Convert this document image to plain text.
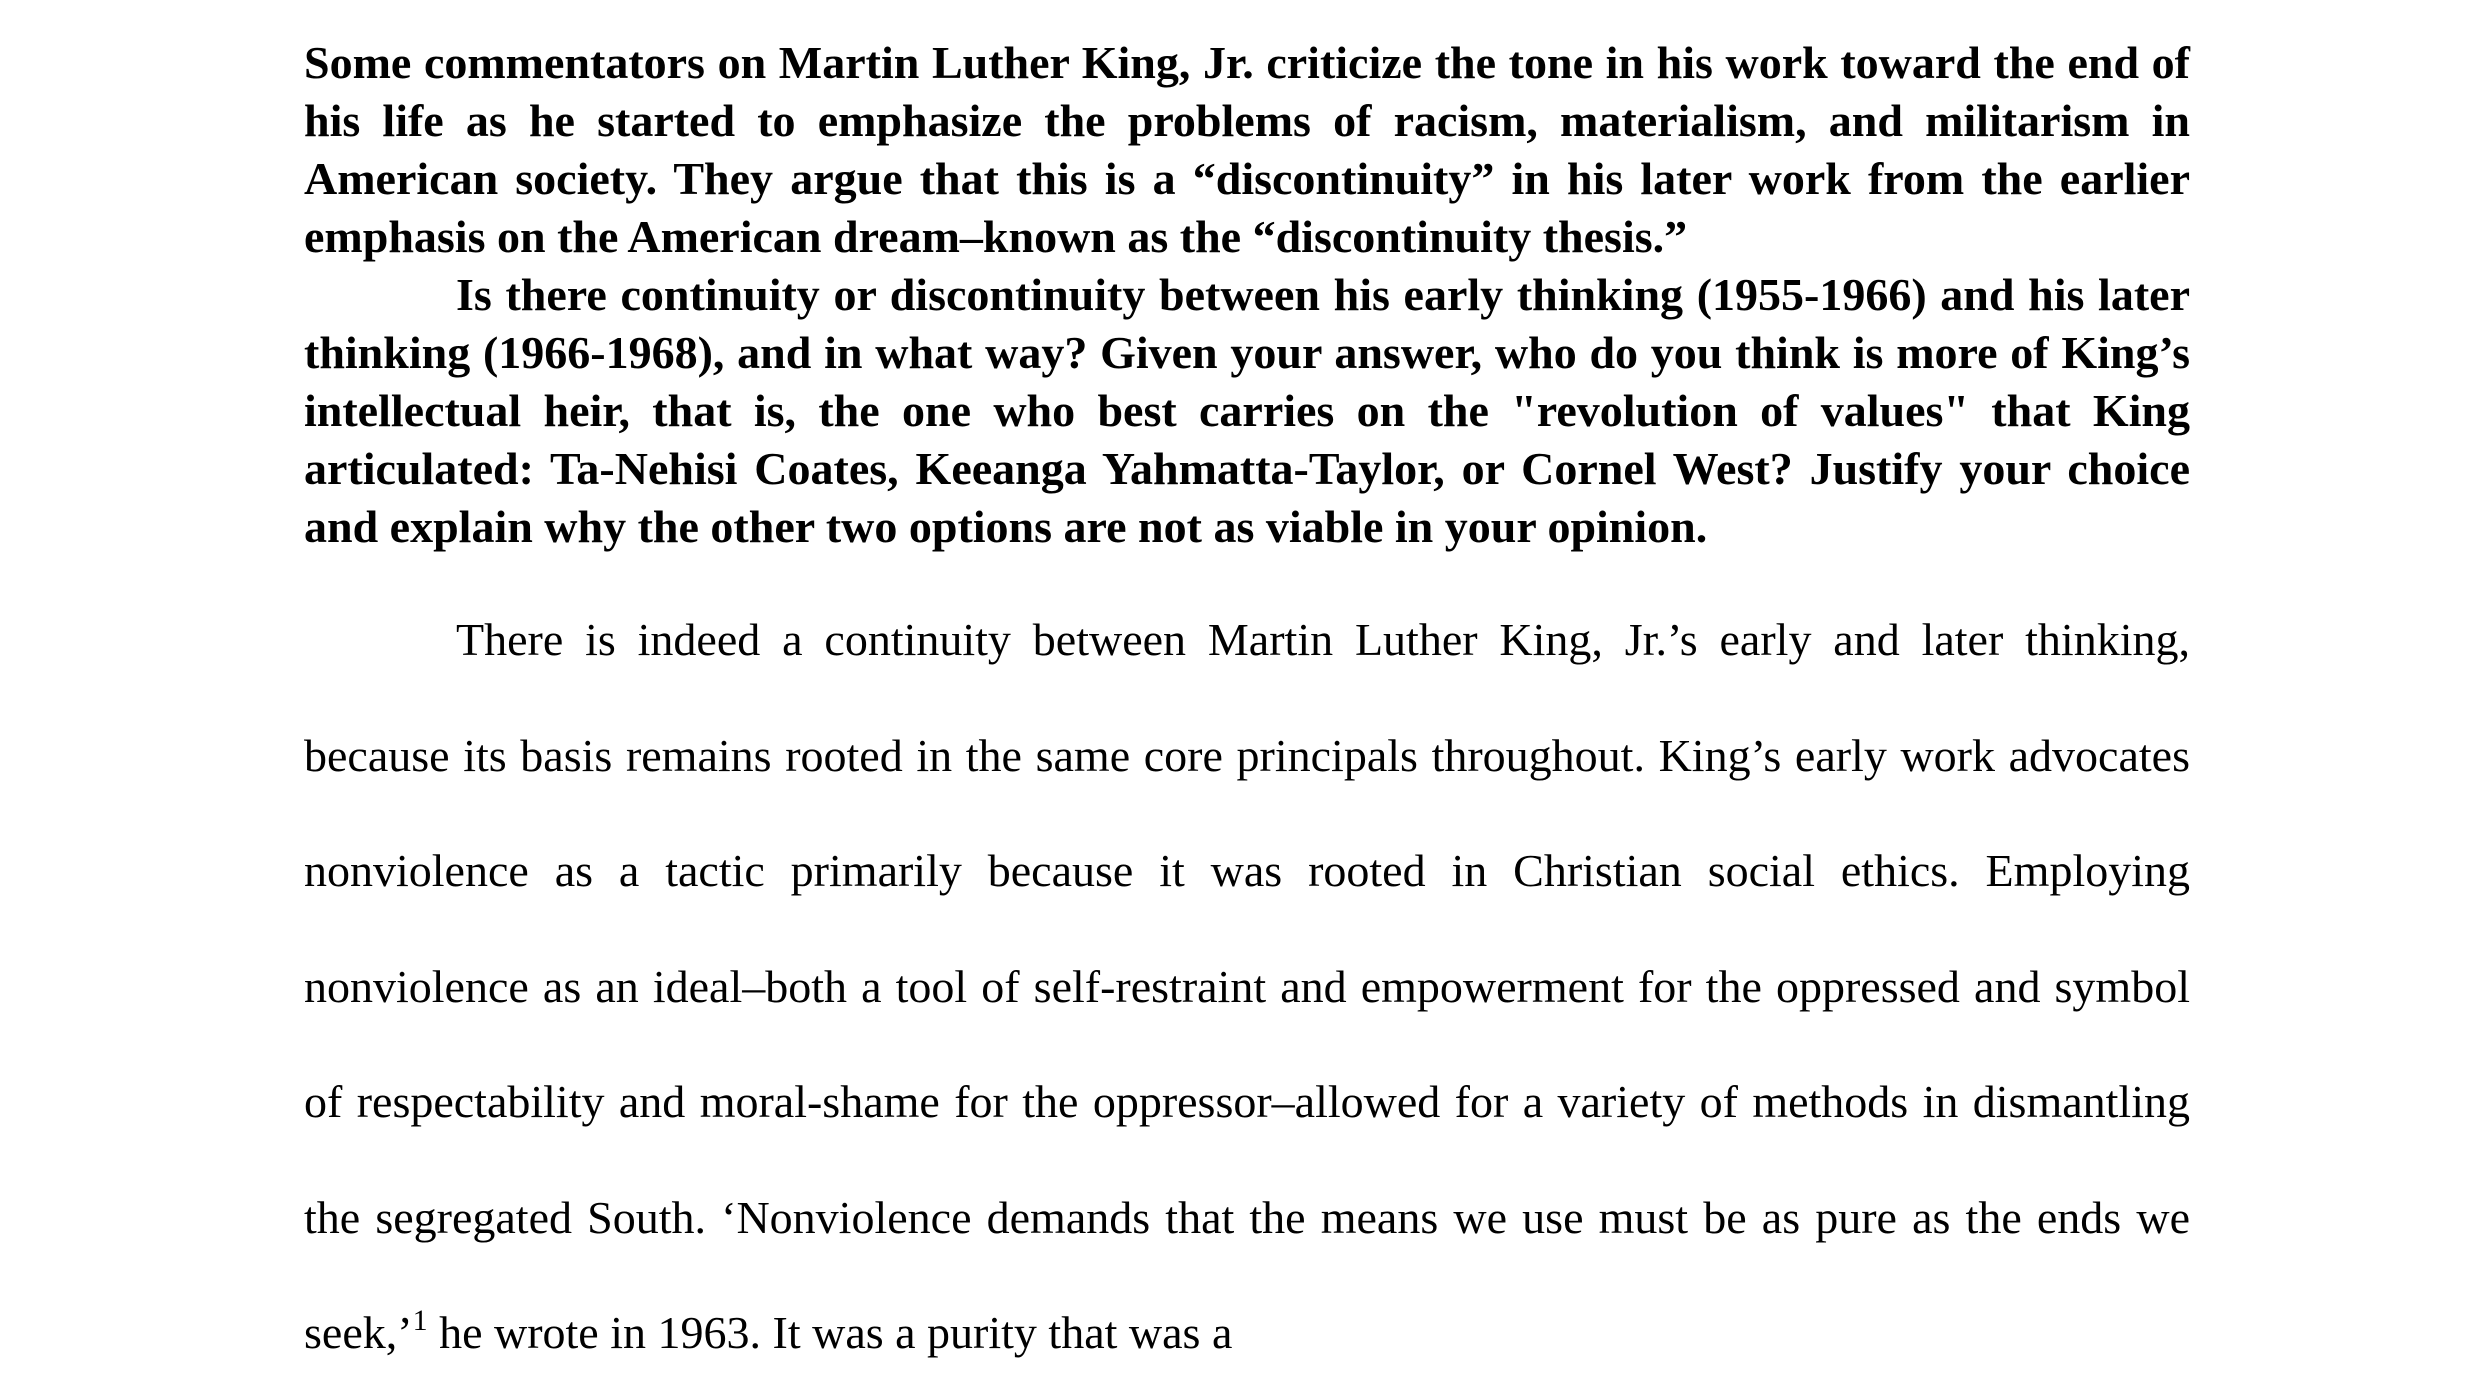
Some commentators on Martin Luther King, Jr. criticize the tone in his work toward the end of his life as he started to emphasize the problems of racism, materialism, and militarism in American society. They argue that this is a “discontinuity” in his later work from the earlier emphasis on the American dream–known as the “discontinuity thesis.”

Is there continuity or discontinuity between his early thinking (1955-1966) and his later thinking (1966-1968), and in what way? Given your answer, who do you think is more of King’s intellectual heir, that is, the one who best carries on the "revolution of values" that King articulated: Ta-Nehisi Coates, Keeanga Yahmatta-Taylor, or Cornel West? Justify your choice and explain why the other two options are not as viable in your opinion.

There is indeed a continuity between Martin Luther King, Jr.’s early and later thinking, because its basis remains rooted in the same core principals throughout. King’s early work advocates nonviolence as a tactic primarily because it was rooted in Christian social ethics. Employing nonviolence as an ideal–both a tool of self-restraint and empowerment for the oppressed and symbol of respectability and moral-shame for the oppressor–allowed for a variety of methods in dismantling the segregated South. ‘Nonviolence demands that the means we use must be as pure as the ends we seek,’$^1$ he wrote in 1963. It was a purity that was a
